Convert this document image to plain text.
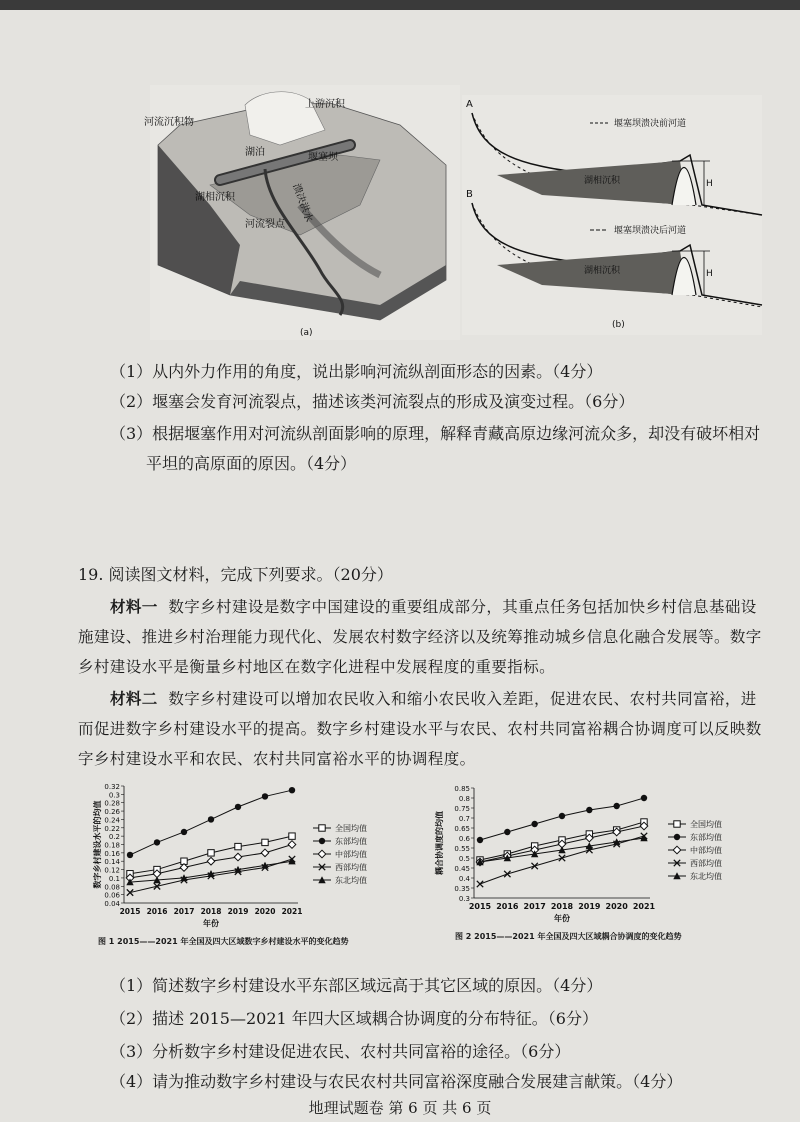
河流沉积物
上游沉积
湖泊	堰塞坝
湖相沉积
河流裂点
溃决洪水
(a)
A
H
湖相沉积
堰塞坝溃决前河道
B
H
湖相沉积
堰塞坝溃决后河道
(b)
（1）从内外力作用的角度，说出影响河流纵剖面形态的因素。（4分）
（2）堰塞会发育河流裂点，描述该类河流裂点的形成及演变过程。（6分）
（3）根据堰塞作用对河流纵剖面影响的原理，解释青藏高原边缘河流众多，却没有破坏相对
平坦的高原面的原因。（4分）
19. 阅读图文材料，完成下列要求。（20分）
材料一 数字乡村建设是数字中国建设的重要组成部分，其重点任务包括加快乡村信息基础设施建设、推进乡村治理能力现代化、发展农村数字经济以及统筹推动城乡信息化融合发展等。数字乡村建设水平是衡量乡村地区在数字化进程中发展程度的重要指标。
材料二 数字乡村建设可以增加农民收入和缩小农民收入差距，促进农民、农村共同富裕，进而促进数字乡村建设水平的提高。数字乡村建设水平与农民、农村共同富裕耦合协调度可以反映数字乡村建设水平和农民、农村共同富裕水平的协调程度。
0.32
0.3
0.28
0.26
0.24
0.22
0.2
0.18
0.16
0.14
0.12
0.1
0.08
0.06
0.04
2015 2016 2017 2018 2019 2020 2021
年份
数字乡村建设水平的均值	全国均值
东部均值
中部均值
西部均值
东北均值
图 1 2015——2021 年全国及四大区域数字乡村建设水平的变化趋势
0.85
0.8
0.75
0.7
0.65
0.6
0.55
0.5
0.45
0.4
0.35
0.3
2015 2016 2017 2018 2019 2020 2021
年份
耦合协调度的均值	全国均值
东部均值
中部均值
西部均值
东北均值
图 2 2015——2021 年全国及四大区域耦合协调度的变化趋势
（1）简述数字乡村建设水平东部区域远高于其它区域的原因。（4分）
（2）描述 2015—2021 年四大区域耦合协调度的分布特征。（6分）
（3）分析数字乡村建设促进农民、农村共同富裕的途径。（6分）
（4）请为推动数字乡村建设与农民农村共同富裕深度融合发展建言献策。（4分）
地理试题卷 第 6 页 共 6 页
